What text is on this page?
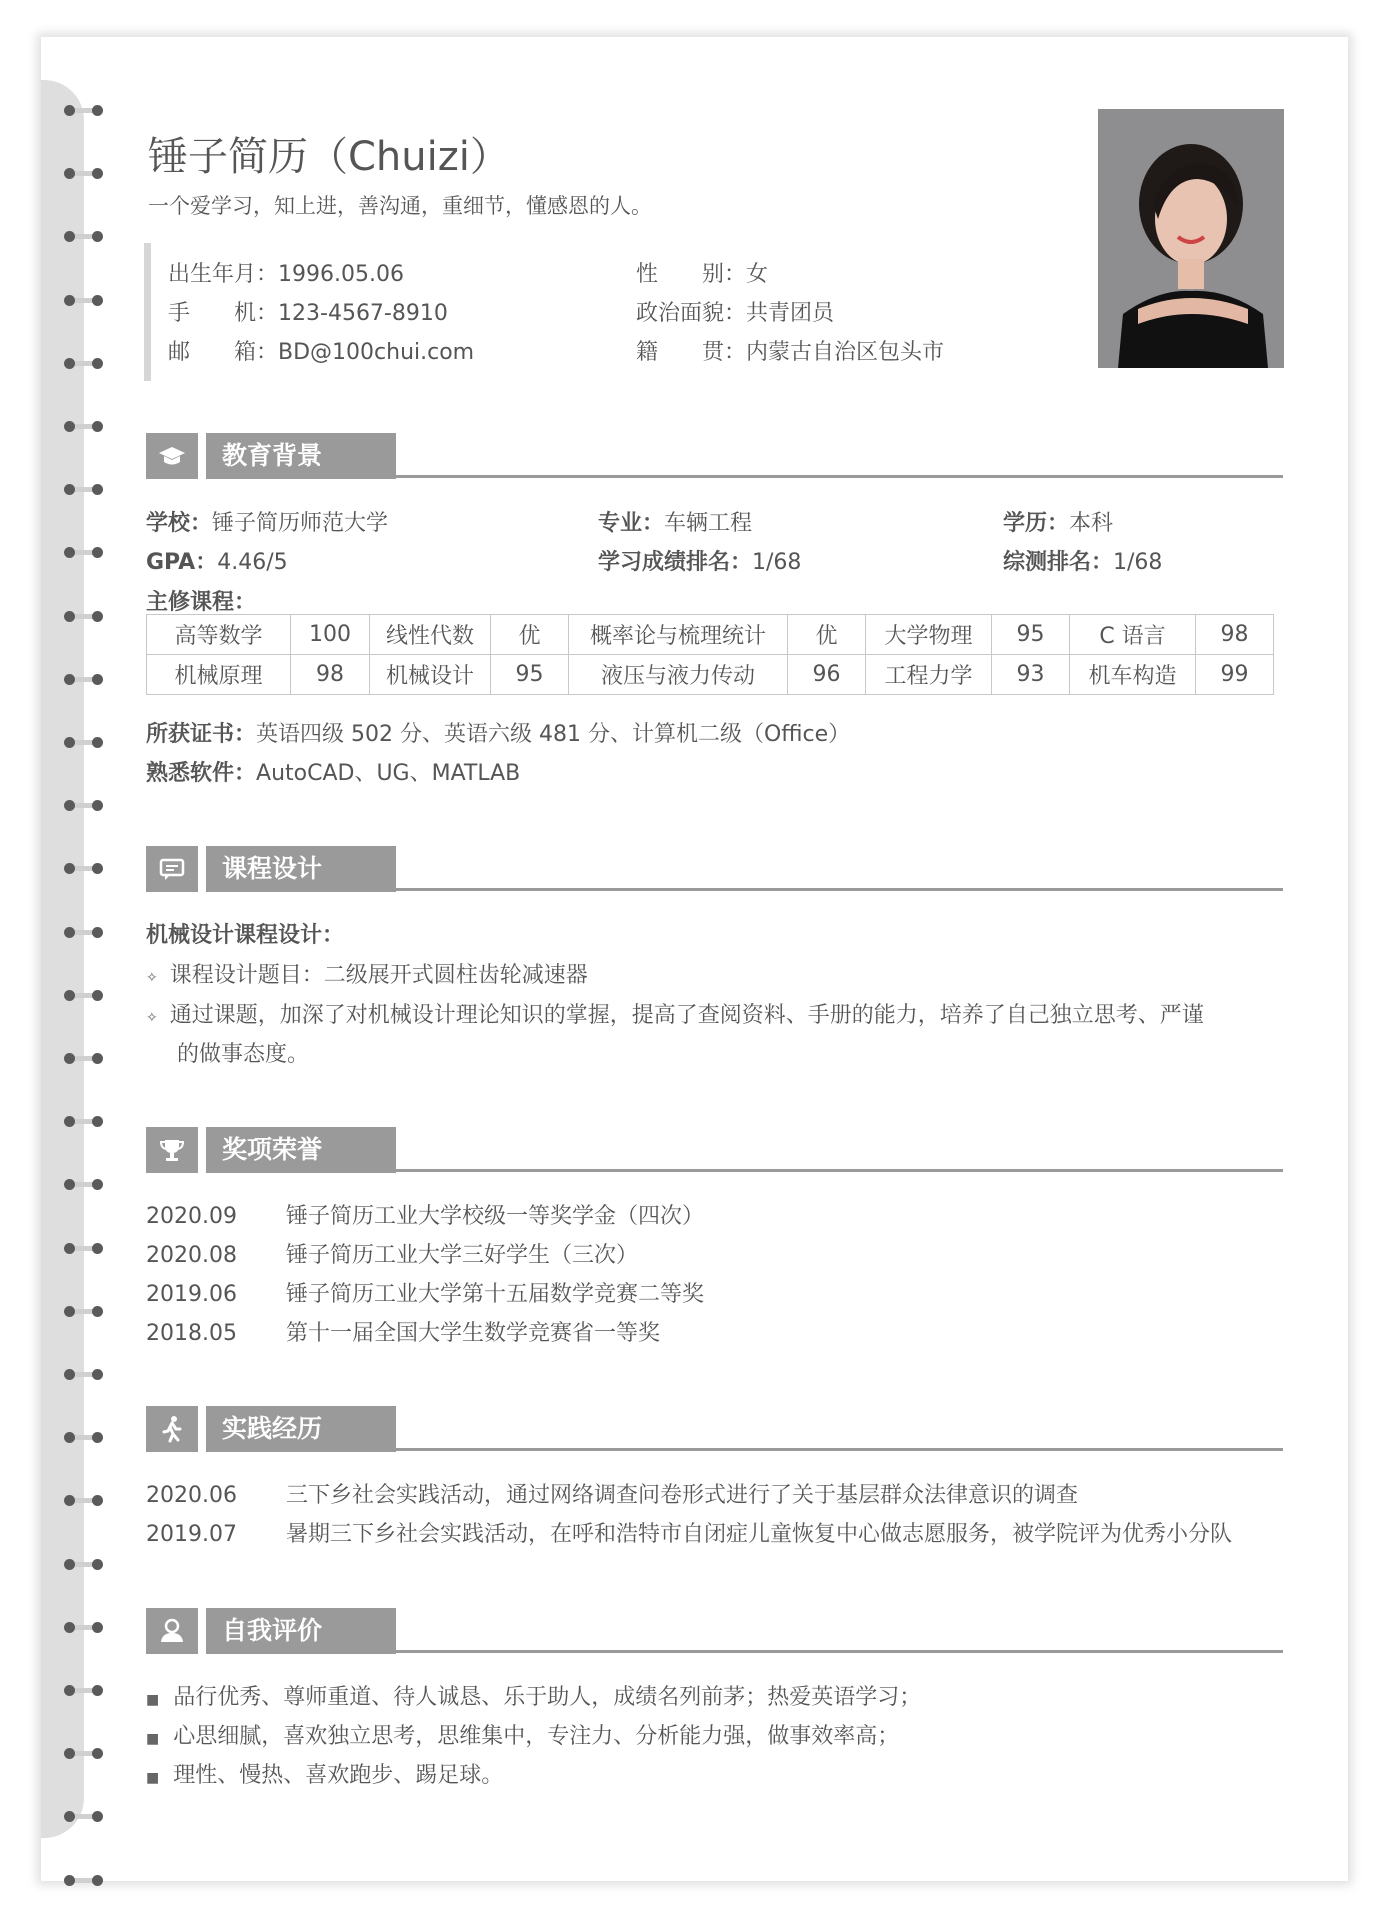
锤子简历（Chuizi）
一个爱学习，知上进，善沟通，重细节，懂感恩的人。
出生年月：1996.05.06	性　　别：女
手　　机：123-4567-8910	政治面貌：共青团员
邮　　箱：BD@100chui.com	籍　　贯：内蒙古自治区包头市
教育背景
学校：锤子简历师范大学	专业：车辆工程	学历：本科
GPA：4.46/5	学习成绩排名：1/68	综测排名：1/68
主修课程：
高等数学	100	线性代数	优	概率论与梳理统计	优	大学物理	95	C 语言	98
机械原理	98	机械设计	95	液压与液力传动	96	工程力学	93	机车构造	99
所获证书：英语四级 502 分、英语六级 481 分、计算机二级（Office）
熟悉软件：AutoCAD、UG、MATLAB
课程设计
机械设计课程设计：
✧ 课程设计题目：二级展开式圆柱齿轮减速器
✧ 通过课题，加深了对机械设计理论知识的掌握，提高了查阅资料、手册的能力，培养了自己独立思考、严谨
的做事态度。
奖项荣誉
2020.09 锤子简历工业大学校级一等奖学金（四次）
2020.08 锤子简历工业大学三好学生（三次）
2019.06 锤子简历工业大学第十五届数学竞赛二等奖
2018.05 第十一届全国大学生数学竞赛省一等奖
实践经历
2020.06 三下乡社会实践活动，通过网络调查问卷形式进行了关于基层群众法律意识的调查
2019.07 暑期三下乡社会实践活动，在呼和浩特市自闭症儿童恢复中心做志愿服务，被学院评为优秀小分队
自我评价
■ 品行优秀、尊师重道、待人诚恳、乐于助人，成绩名列前茅；热爱英语学习；
■ 心思细腻，喜欢独立思考，思维集中，专注力、分析能力强，做事效率高；
■ 理性、慢热、喜欢跑步、踢足球。
